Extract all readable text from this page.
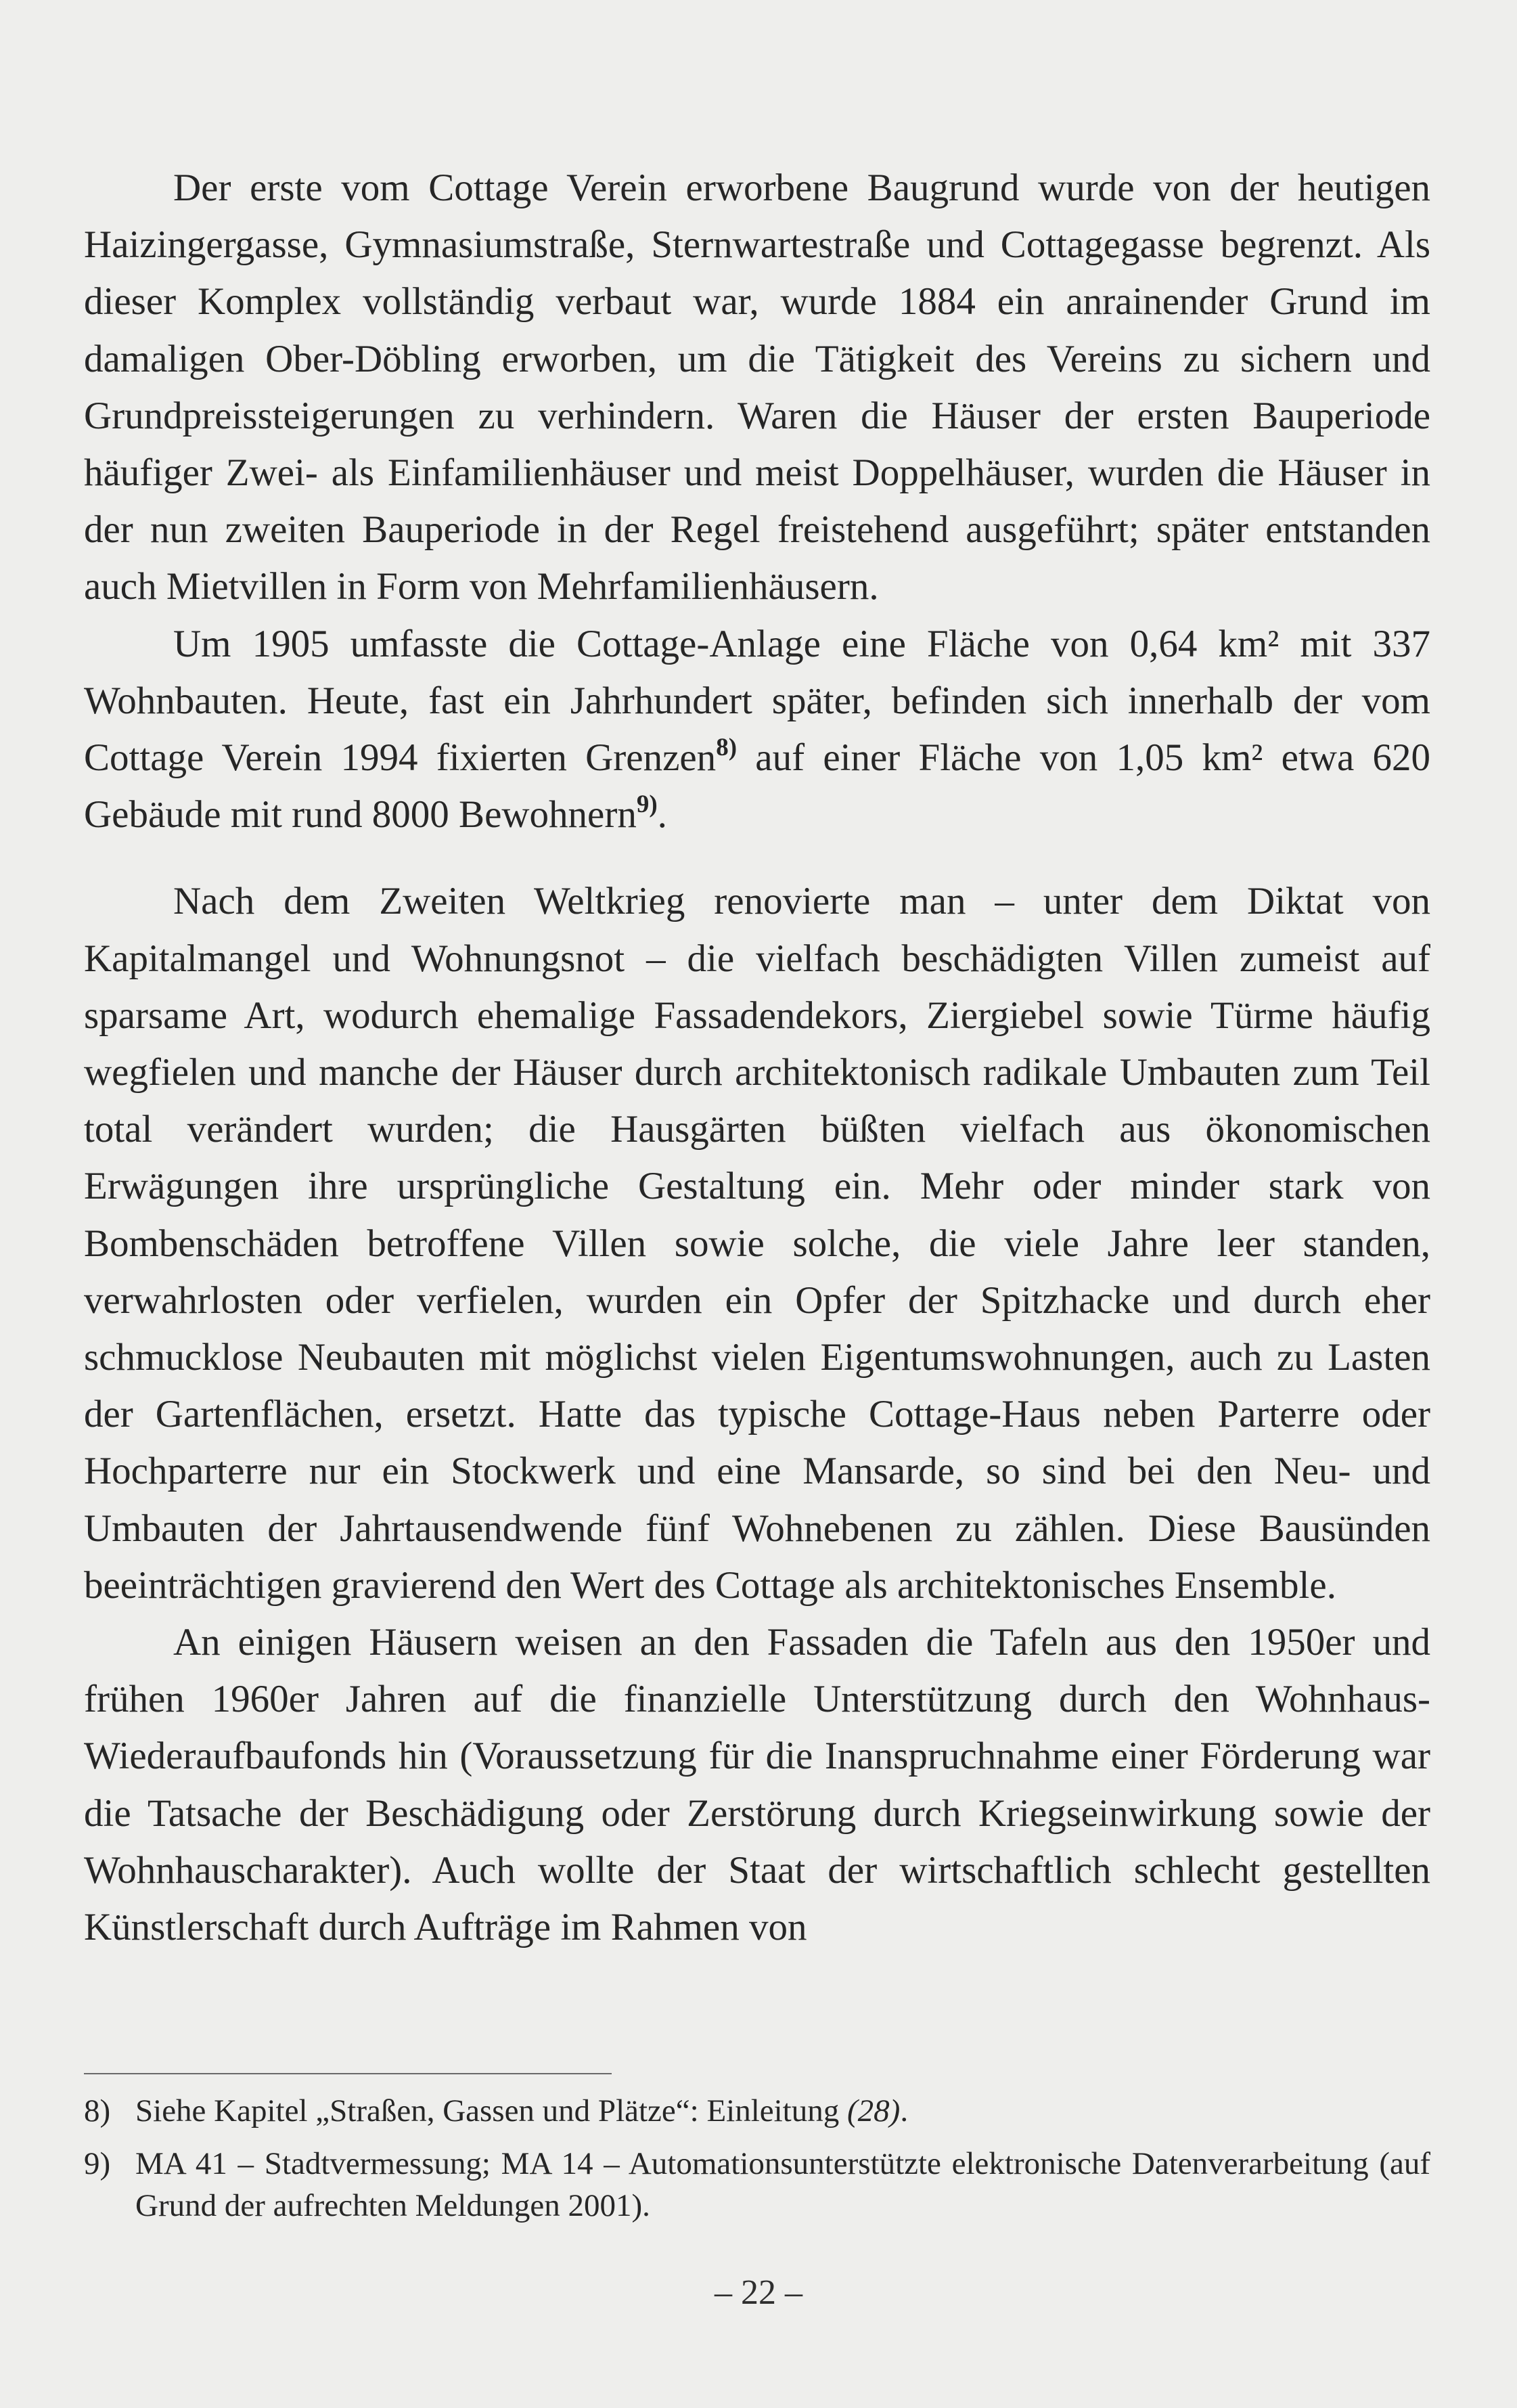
Der erste vom Cottage Verein erworbene Baugrund wurde von der heutigen Haizingergasse, Gymnasiumstraße, Sternwartestraße und Cottagegasse begrenzt. Als dieser Komplex vollständig verbaut war, wurde 1884 ein anrainender Grund im damaligen Ober-Döbling erworben, um die Tätigkeit des Vereins zu sichern und Grundpreissteigerungen zu verhindern. Waren die Häuser der ersten Bauperiode häufiger Zwei- als Einfamilienhäuser und meist Doppelhäuser, wurden die Häuser in der nun zweiten Bauperiode in der Regel freistehend ausgeführt; später entstanden auch Mietvillen in Form von Mehrfamilienhäusern.

Um 1905 umfasste die Cottage-Anlage eine Fläche von 0,64 km² mit 337 Wohnbauten. Heute, fast ein Jahrhundert später, befinden sich innerhalb der vom Cottage Verein 1994 fixierten Grenzen$^{8)}$ auf einer Fläche von 1,05 km² etwa 620 Gebäude mit rund 8000 Bewohnern$^{9)}$.

Nach dem Zweiten Weltkrieg renovierte man – unter dem Diktat von Kapitalmangel und Wohnungsnot – die vielfach beschädigten Villen zumeist auf sparsame Art, wodurch ehemalige Fassadendekors, Ziergiebel sowie Türme häufig wegfielen und manche der Häuser durch architektonisch radikale Umbauten zum Teil total verändert wurden; die Hausgärten büßten vielfach aus ökonomischen Erwägungen ihre ursprüngliche Gestaltung ein. Mehr oder minder stark von Bombenschäden betroffene Villen sowie solche, die viele Jahre leer standen, verwahrlosten oder verfielen, wurden ein Opfer der Spitzhacke und durch eher schmucklose Neubauten mit möglichst vielen Eigentumswohnungen, auch zu Lasten der Gartenflächen, ersetzt. Hatte das typische Cottage-Haus neben Parterre oder Hochparterre nur ein Stockwerk und eine Mansarde, so sind bei den Neu- und Umbauten der Jahrtausendwende fünf Wohnebenen zu zählen. Diese Bausünden beeinträchtigen gravierend den Wert des Cottage als architektonisches Ensemble.

An einigen Häusern weisen an den Fassaden die Tafeln aus den 1950er und frühen 1960er Jahren auf die finanzielle Unterstützung durch den Wohnhaus-Wiederaufbaufonds hin (Voraussetzung für die Inanspruchnahme einer Förderung war die Tatsache der Beschädigung oder Zerstörung durch Kriegseinwirkung sowie der Wohnhauscharakter). Auch wollte der Staat der wirtschaftlich schlecht gestellten Künstlerschaft durch Aufträge im Rahmen von

8) Siehe Kapitel „Straßen, Gassen und Plätze“: Einleitung (28).

9) MA 41 – Stadtvermessung; MA 14 – Automationsunterstützte elektronische Datenverarbeitung (auf Grund der aufrechten Meldungen 2001).

– 22 –
